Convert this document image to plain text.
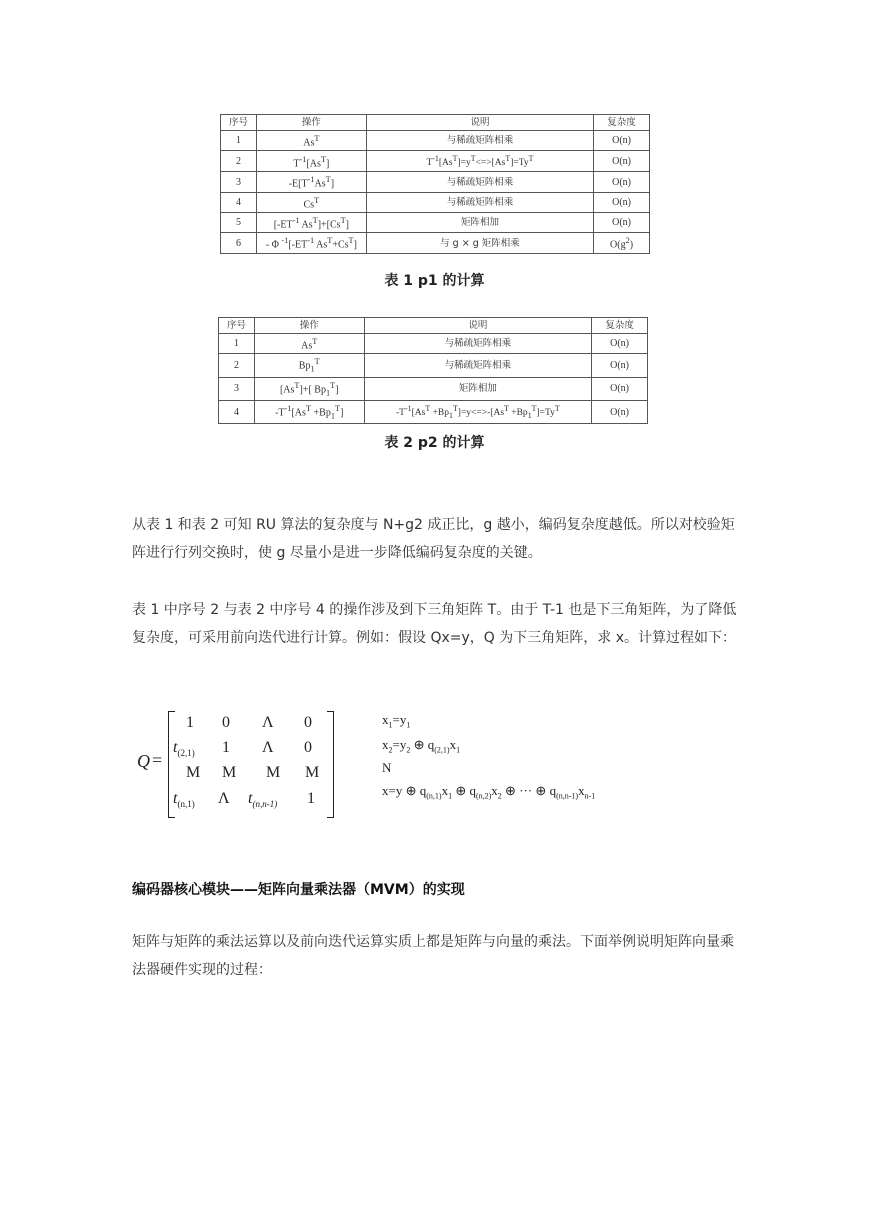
序号	操作	说明	复杂度
1	$As^T$	与稀疏矩阵相乘	O(n)
2	$T^{-1}[As^T]$	$T^{-1}[As^T]=y^T<=>[As^T]=Ty^T$	O(n)
3	$-E[T^{-1}As^T]$	与稀疏矩阵相乘	O(n)
4	$Cs^T$	与稀疏矩阵相乘	O(n)
5	[$-ET^{-1}$ $As^T]+[Cs^T]$	矩阵相加	O(n)
6	- Φ $^{-1}[-ET^{-1}$ $As^T+Cs^T$]	与 g × g 矩阵相乘	$O(g^2)$
表 1 p1 的计算
序号	操作	说明	复杂度
1	$As^T$	与稀疏矩阵相乘	O(n)
2	$Bp_1^T$	与稀疏矩阵相乘	O(n)
3	$[As^T]+$[ $Bp_1^T$]	矩阵相加	O(n)
4	$-T^{-1}[As^T +Bp_1^T]$	$-T^{-1}[As^T +Bp_1^T]=y<=>-[As^T +Bp_1^T]=Ty^T$	O(n)
表 2 p2 的计算
从表 1 和表 2 可知 RU 算法的复杂度与 N+g2 成正比，g 越小，编码复杂度越低。所以对校验矩阵进行行列交换时，使 g 尽量小是进一步降低编码复杂度的关键。
表 1 中序号 2 与表 2 中序号 4 的操作涉及到下三角矩阵 T。由于 T-1 也是下三角矩阵，为了降低复杂度，可采用前向迭代进行计算。例如：假设 Qx=y，Q 为下三角矩阵，求 x。计算过程如下：
Q =
1 0 Λ 0
$t_{(2,1)}$ 1 Λ 0
M M M M
$t_{(n,1)}$ Λ $t_{(n,n-1)}$ 1
$x_1=y_1$
$x_2=y_2$ ⊕ $q_{(2,1)}x_1$
Ν
x=y ⊕ $q_{(n,1)}x_1$ ⊕ $q_{(n,2)}x_2$ ⊕ ··· ⊕ $q_{(n,n-1)}x_{n-1}$
编码器核心模块——矩阵向量乘法器（MVM）的实现
矩阵与矩阵的乘法运算以及前向迭代运算实质上都是矩阵与向量的乘法。下面举例说明矩阵向量乘法器硬件实现的过程：
